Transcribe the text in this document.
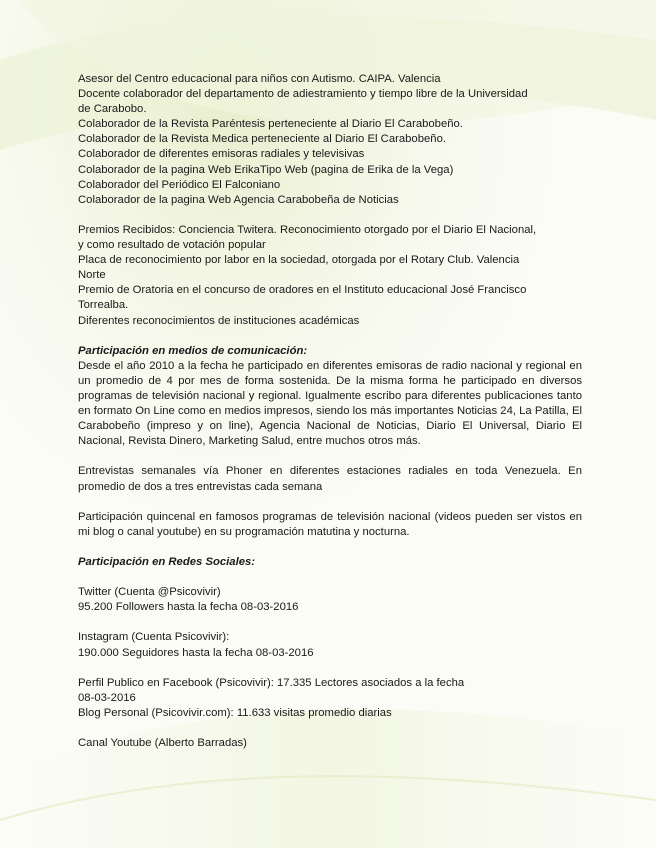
Asesor del Centro educacional para niños con Autismo. CAIPA. Valencia
Docente colaborador del departamento de adiestramiento y tiempo libre de la Universidad
de Carabobo.
Colaborador de la Revista Paréntesis perteneciente al Diario El Carabobeño.
Colaborador de la Revista Medica perteneciente al Diario El Carabobeño.
Colaborador de diferentes emisoras radiales y televisivas
Colaborador de la pagina Web ErikaTipo Web (pagina de Erika de la Vega)
Colaborador del Periódico El Falconiano
Colaborador de la pagina Web Agencia Carabobeña de Noticias
Premios Recibidos: Conciencia Twitera. Reconocimiento otorgado por el Diario El Nacional,
y como resultado de votación popular
Placa de reconocimiento por labor en la sociedad, otorgada por el Rotary Club. Valencia
Norte
Premio de Oratoria en el concurso de oradores en el Instituto educacional José Francisco
Torrealba.
Diferentes reconocimientos de instituciones académicas
Participación en medios de comunicación:

Desde el año 2010 a la fecha he participado en diferentes emisoras de radio nacional y regional en un promedio de 4 por mes de forma sostenida. De la misma forma he participado en diversos programas de televisión nacional y regional. Igualmente escribo para diferentes publicaciones tanto en formato On Line como en medios impresos, siendo los más importantes Noticias 24, La Patilla, El Carabobeño (impreso y on line), Agencia Nacional de Noticias, Diario El Universal, Diario El Nacional, Revista Dinero, Marketing Salud, entre muchos otros más.

Entrevistas semanales vía Phoner en diferentes estaciones radiales en toda Venezuela. En promedio de dos a tres entrevistas cada semana

Participación quincenal en famosos programas de televisión nacional (videos pueden ser vistos en mi blog o canal youtube) en su programación matutina y nocturna.

Participación en Redes Sociales:
Twitter (Cuenta @Psicovivir)
95.200 Followers hasta la fecha 08-03-2016
Instagram (Cuenta Psicovivir):
190.000 Seguidores hasta la fecha 08-03-2016
Perfil Publico en Facebook (Psicovivir): 17.335 Lectores asociados a la fecha
08-03-2016
Blog Personal (Psicovivir.com): 11.633 visitas promedio diarias
Canal Youtube (Alberto Barradas)
